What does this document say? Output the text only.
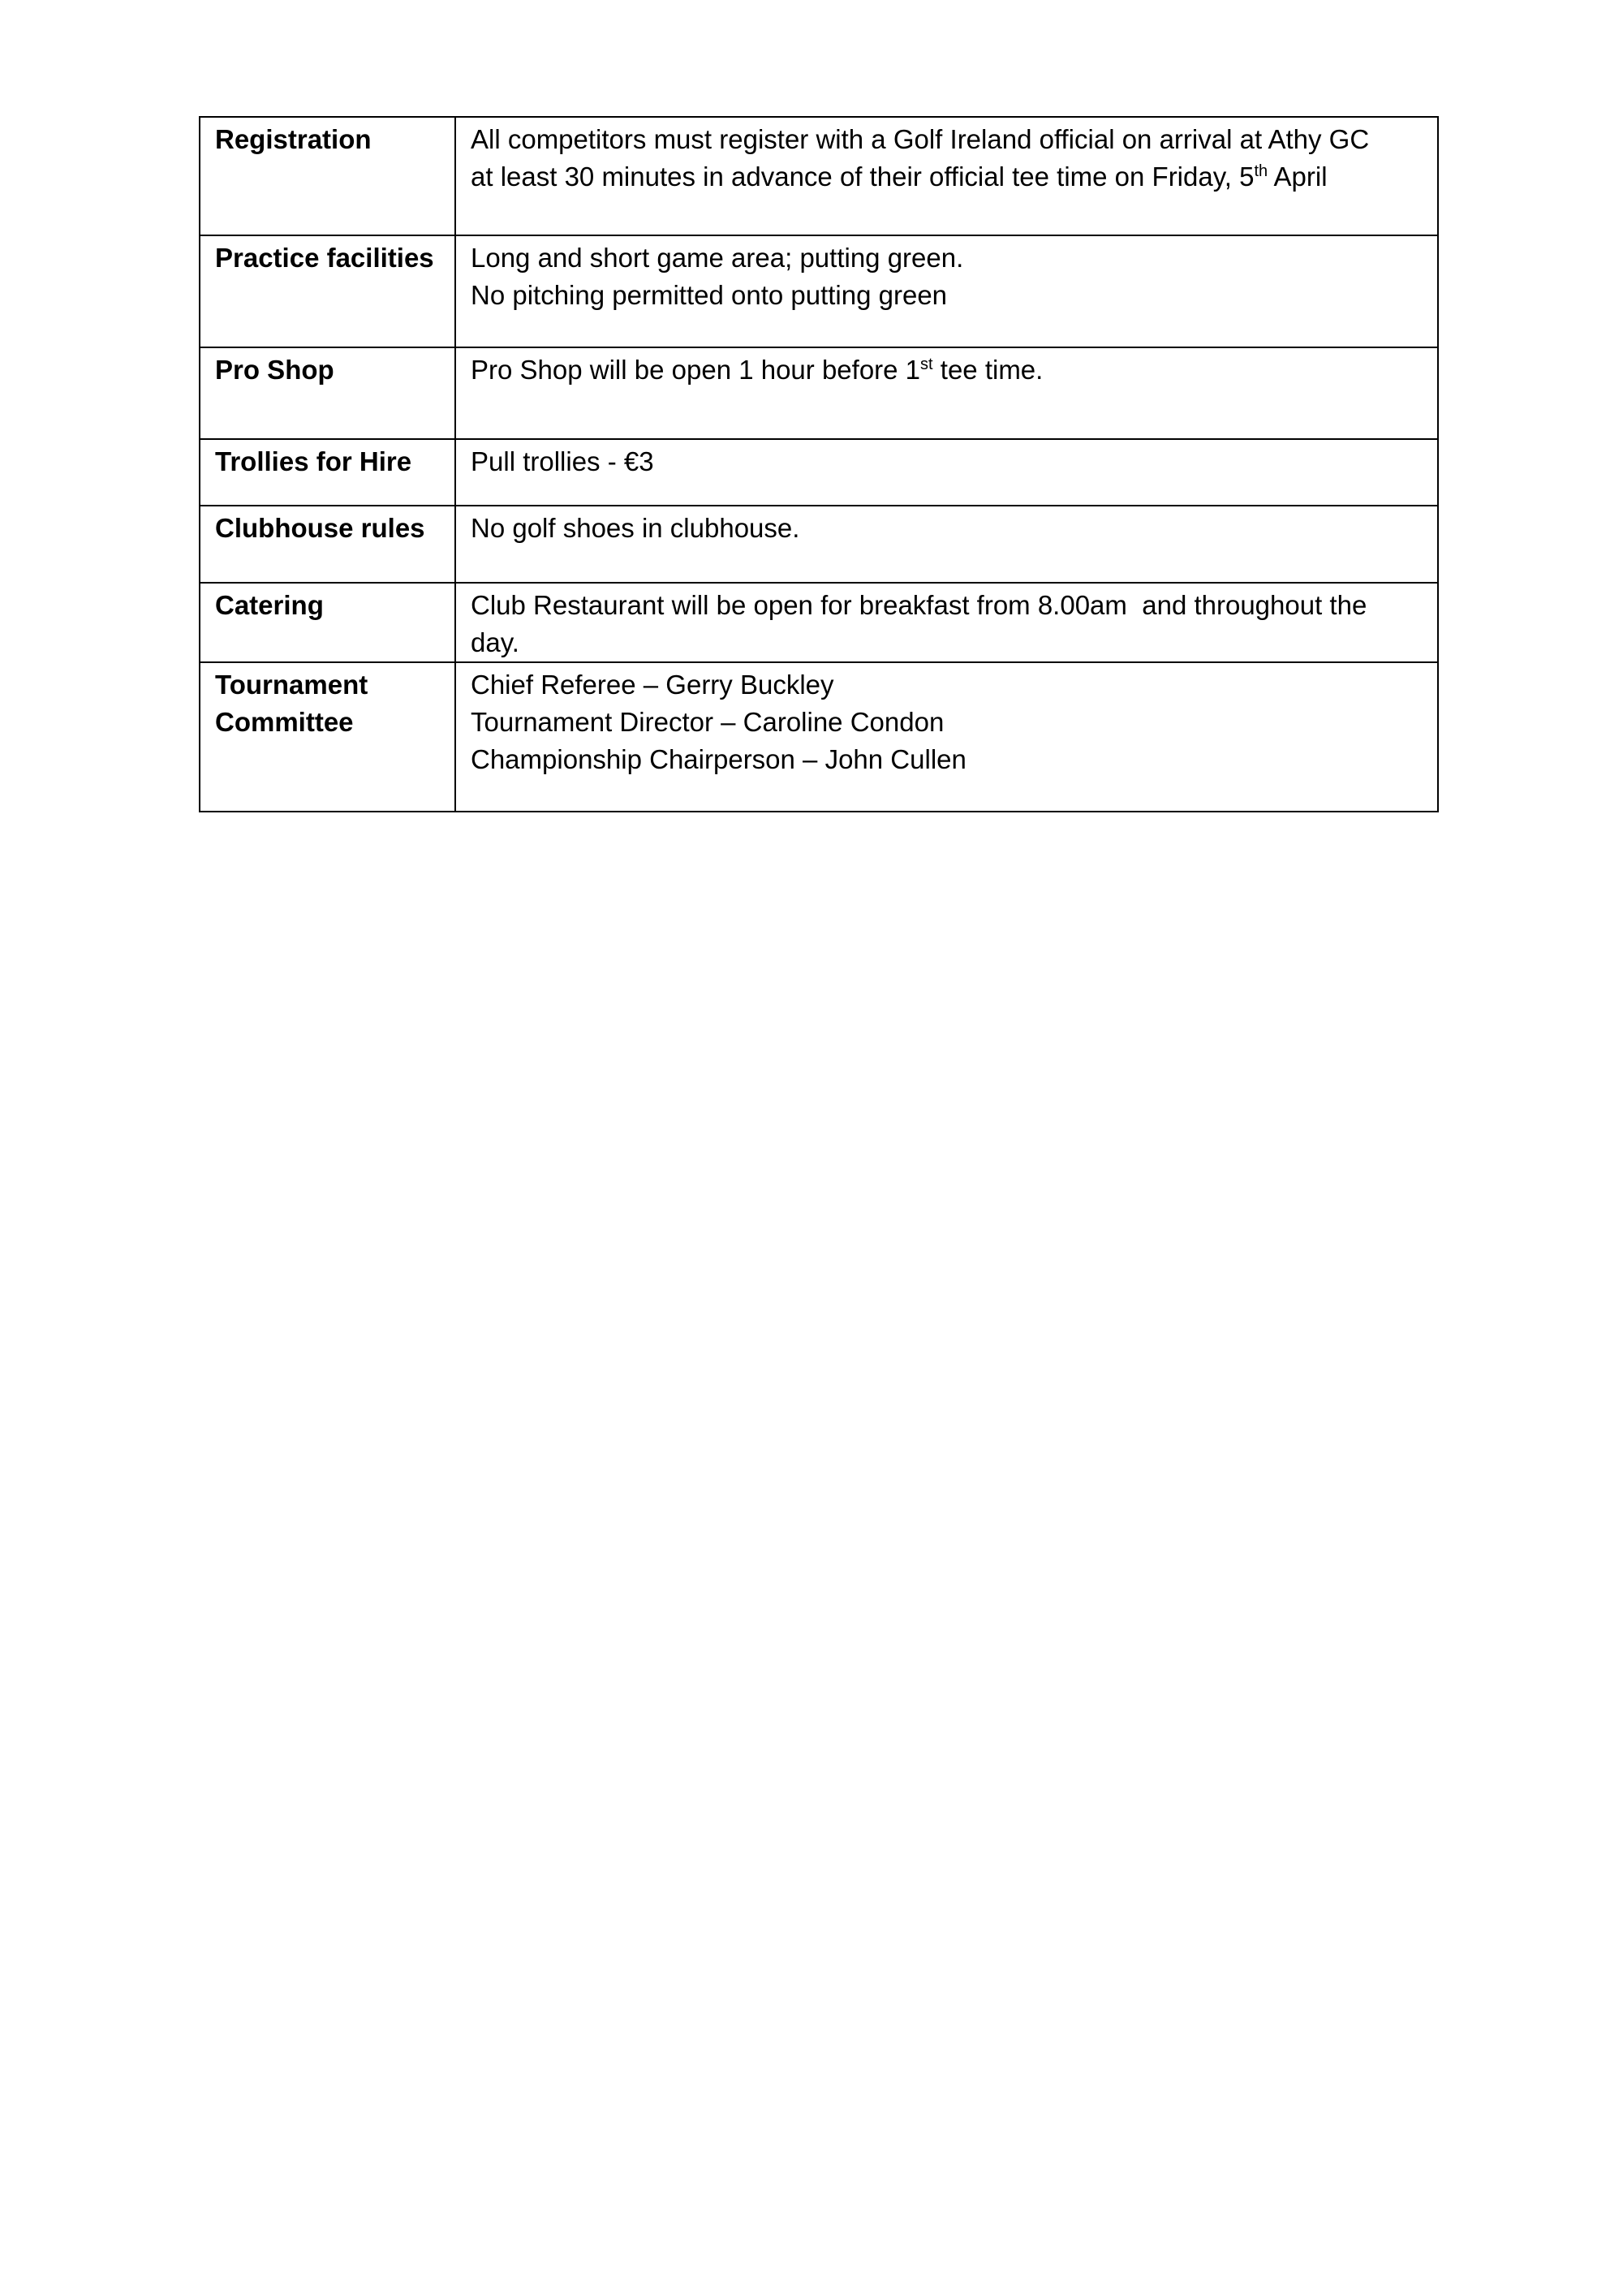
Registration	All competitors must register with a Golf Ireland official on arrival at Athy GC
at least 30 minutes in advance of their official tee time on Friday, 5th April

Practice facilities	Long and short game area; putting green.
No pitching permitted onto putting green

Pro Shop	Pro Shop will be open 1 hour before 1st tee time.

Trollies for Hire	Pull trollies - €3

Clubhouse rules	No golf shoes in clubhouse.

Catering	Club Restaurant will be open for breakfast from 8.00am  and throughout the
day.

Tournament
Committee	Chief Referee – Gerry Buckley
Tournament Director – Caroline Condon
Championship Chairperson – John Cullen
